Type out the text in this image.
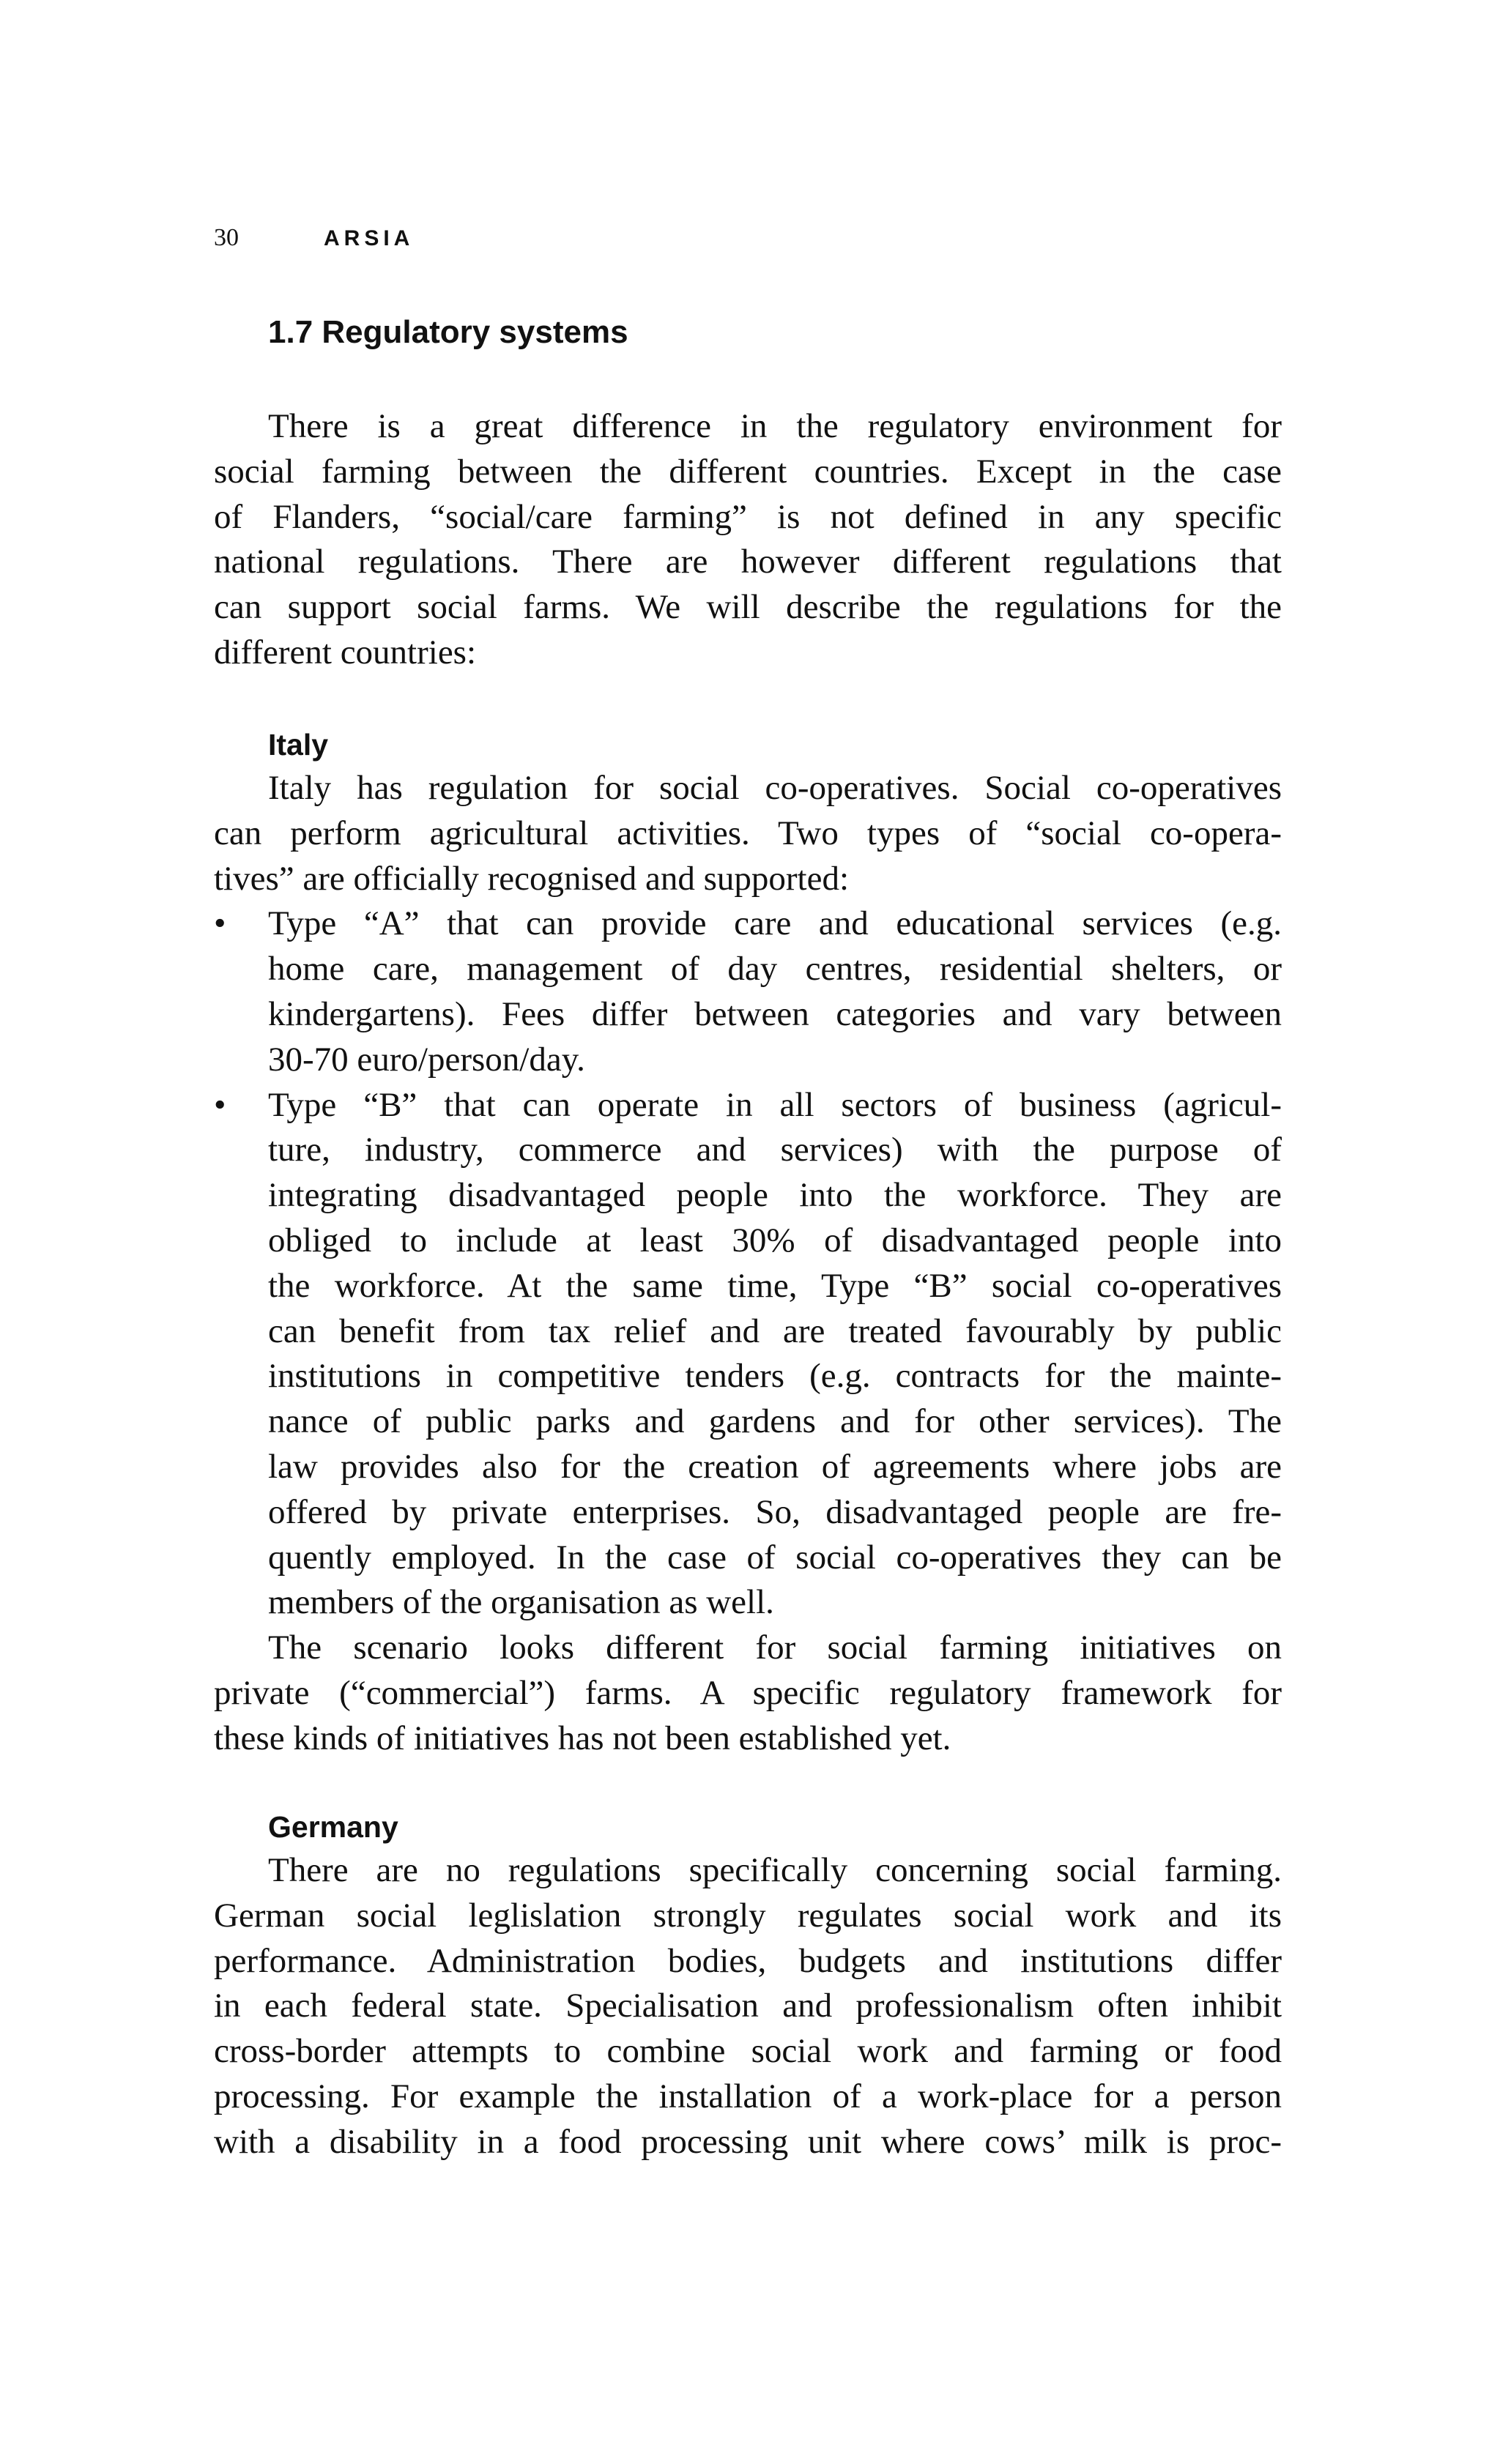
30	ARSIA
1.7 Regulatory systems
There is a great difference in the regulatory environment for
social farming between the different countries. Except in the case
of Flanders, “social/care farming” is not defined in any specific
national regulations. There are however different regulations that
can support social farms. We will describe the regulations for the
different countries:
Italy
Italy has regulation for social co-operatives. Social co-operatives
can perform agricultural activities. Two types of “social co-opera-
tives” are officially recognised and supported:
• Type “A” that can provide care and educational services (e.g.
home care, management of day centres, residential shelters, or
kindergartens). Fees differ between categories and vary between
30-70 euro/person/day.
• Type “B” that can operate in all sectors of business (agricul-
ture, industry, commerce and services) with the purpose of
integrating disadvantaged people into the workforce. They are
obliged to include at least 30% of disadvantaged people into
the workforce. At the same time, Type “B” social co-operatives
can benefit from tax relief and are treated favourably by public
institutions in competitive tenders (e.g. contracts for the mainte-
nance of public parks and gardens and for other services). The
law provides also for the creation of agreements where jobs are
offered by private enterprises. So, disadvantaged people are fre-
quently employed. In the case of social co-operatives they can be
members of the organisation as well.
The scenario looks different for social farming initiatives on
private (“commercial”) farms. A specific regulatory framework for
these kinds of initiatives has not been established yet.
Germany
There are no regulations specifically concerning social farming.
German social leglislation strongly regulates social work and its
performance. Administration bodies, budgets and institutions differ
in each federal state. Specialisation and professionalism often inhibit
cross-border attempts to combine social work and farming or food
processing. For example the installation of a work-place for a person
with a disability in a food processing unit where cows’ milk is proc-
